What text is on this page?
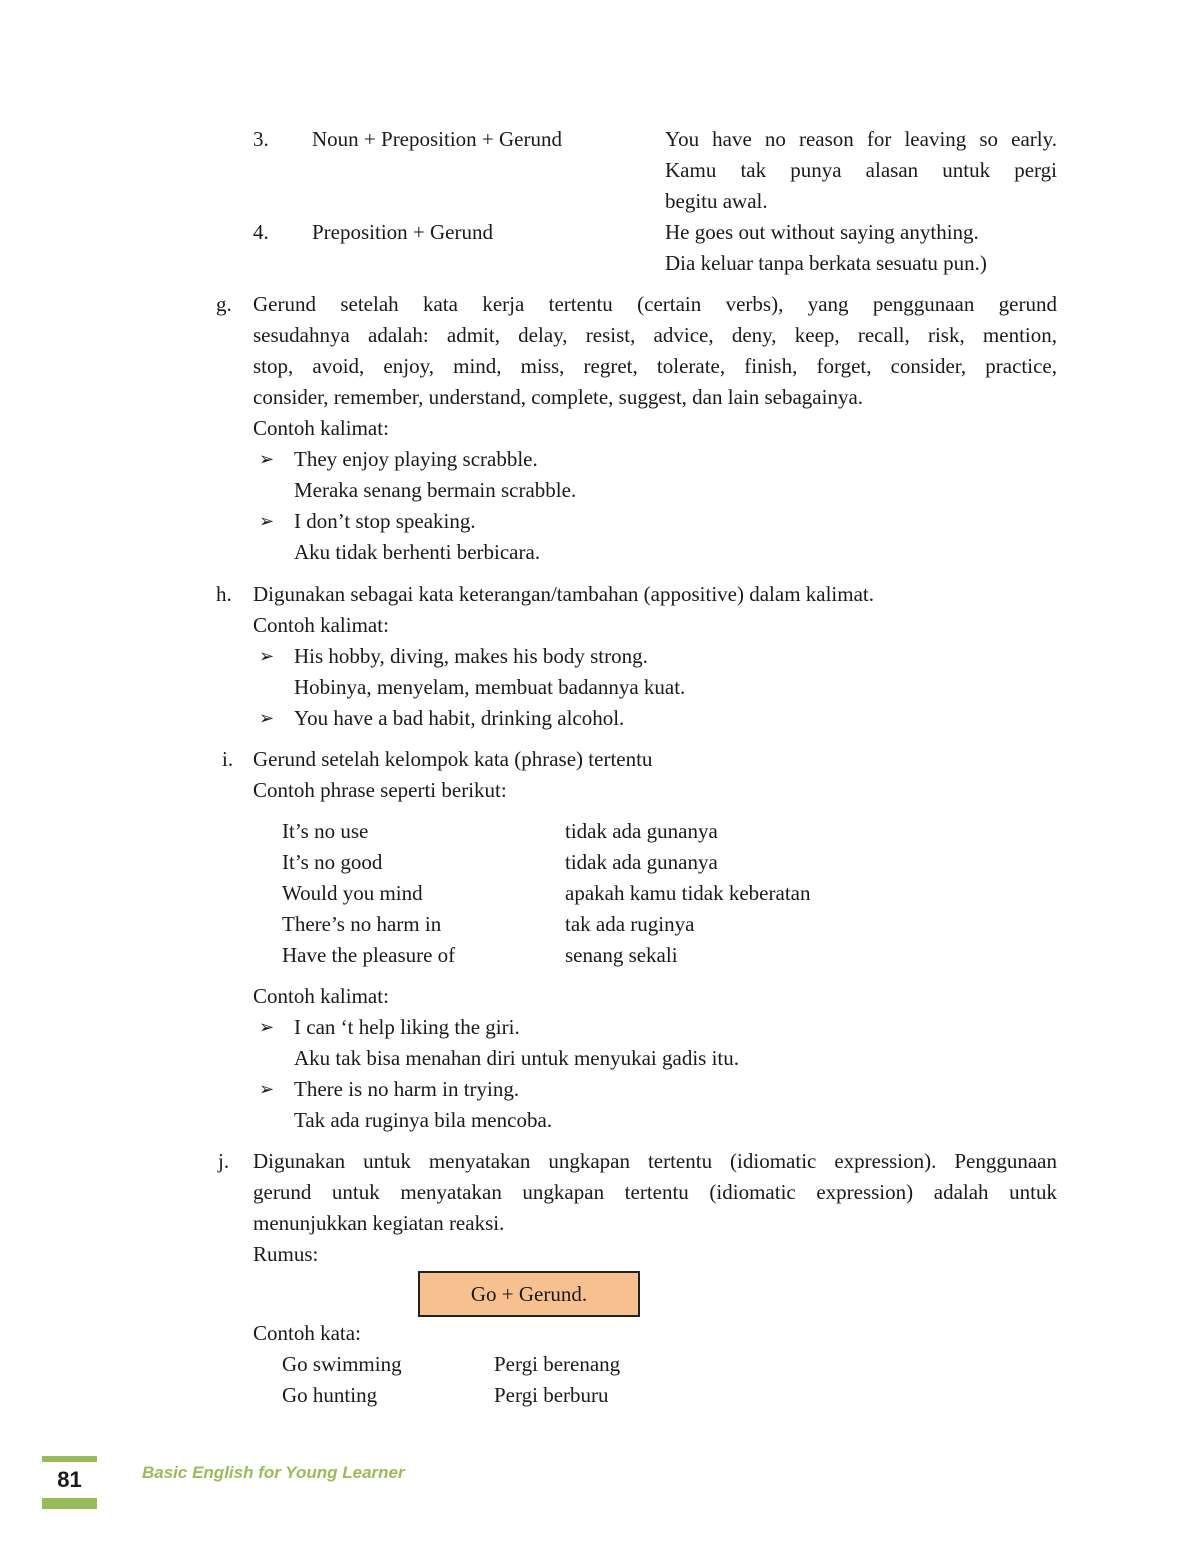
3. Noun + Preposition + Gerund	You have no reason for leaving so early.
Kamu tak punya alasan untuk pergi
begitu awal.
4. Preposition + Gerund	He goes out without saying anything.
Dia keluar tanpa berkata sesuatu pun.)
g. Gerund setelah kata kerja tertentu (certain verbs), yang penggunaan gerund
sesudahnya adalah: admit, delay, resist, advice, deny, keep, recall, risk, mention,
stop, avoid, enjoy, mind, miss, regret, tolerate, finish, forget, consider, practice,
consider, remember, understand, complete, suggest, dan lain sebagainya.
Contoh kalimat:
➢ They enjoy playing scrabble.
Meraka senang bermain scrabble.
➢ I don’t stop speaking.
Aku tidak berhenti berbicara.
h. Digunakan sebagai kata keterangan/tambahan (appositive) dalam kalimat.
Contoh kalimat:
➢ His hobby, diving, makes his body strong.
Hobinya, menyelam, membuat badannya kuat.
➢ You have a bad habit, drinking alcohol.
i. Gerund setelah kelompok kata (phrase) tertentu
Contoh phrase seperti berikut:
It’s no use	tidak ada gunanya
It’s no good	tidak ada gunanya
Would you mind	apakah kamu tidak keberatan
There’s no harm in	tak ada ruginya
Have the pleasure of	senang sekali
Contoh kalimat:
➢ I can ‘t help liking the giri.
Aku tak bisa menahan diri untuk menyukai gadis itu.
➢ There is no harm in trying.
Tak ada ruginya bila mencoba.
j. Digunakan untuk menyatakan ungkapan tertentu (idiomatic expression). Penggunaan
gerund untuk menyatakan ungkapan tertentu (idiomatic expression) adalah untuk
menunjukkan kegiatan reaksi.
Rumus:
Go + Gerund.
Contoh kata:
Go swimming	Pergi berenang
Go hunting	Pergi berburu
81	Basic English for Young Learner
